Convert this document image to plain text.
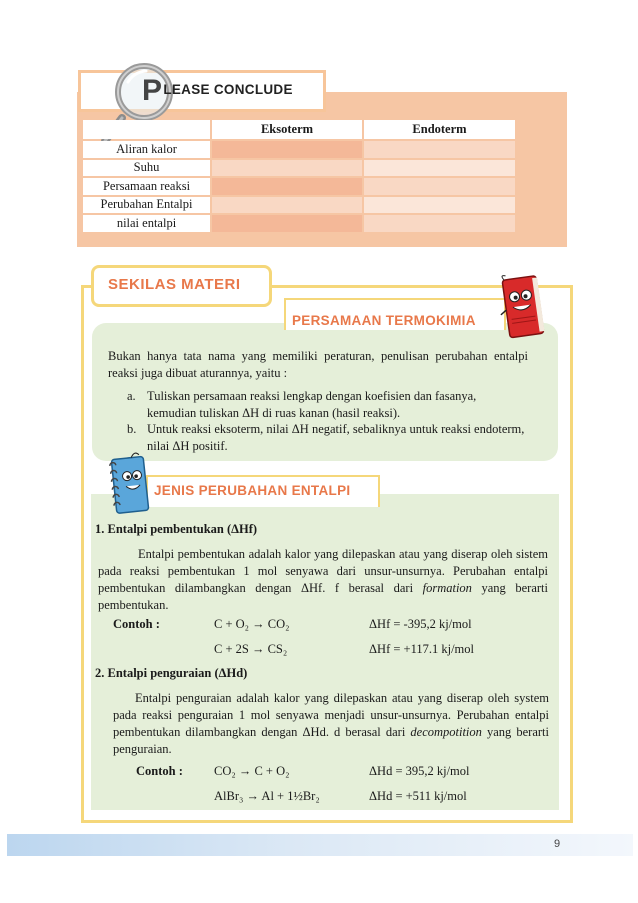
PLEASE CONCLUDE
	Eksoterm	Endoterm
Aliran kalor		
Suhu		
Persamaan reaksi		
Perubahan Entalpi		
nilai entalpi		
SEKILAS MATERI
PERSAMAAN TERMOKIMIA
Bukan hanya tata nama yang memiliki peraturan, penulisan perubahan entalpi reaksi juga dibuat aturannya, yaitu :
a. Tuliskan persamaan reaksi lengkap dengan koefisien dan fasanya, kemudian tuliskan ΔH di ruas kanan (hasil reaksi).
b. Untuk reaksi eksoterm, nilai ΔH negatif, sebaliknya untuk reaksi endoterm, nilai ΔH positif.
JENIS PERUBAHAN ENTALPI
1. Entalpi pembentukan (ΔHf)
Entalpi pembentukan adalah kalor yang dilepaskan atau yang diserap oleh sistem pada reaksi pembentukan 1 mol senyawa dari unsur-unsurnya. Perubahan entalpi pembentukan dilambangkan dengan ΔHf. f berasal dari formation yang berarti pembentukan.
Contoh :	C + O₂ → CO₂	ΔHf = -395,2 kj/mol
C + 2S → CS₂	ΔHf = +117.1 kj/mol
2. Entalpi penguraian (ΔHd)
Entalpi penguraian adalah kalor yang dilepaskan atau yang diserap oleh system pada reaksi penguraian 1 mol senyawa menjadi unsur-unsurnya. Perubahan entalpi pembentukan dilambangkan dengan ΔHd. d berasal dari decompotition yang berarti penguraian.
Contoh : CO₂ → C + O₂	ΔHd = 395,2 kj/mol
AlBr₃ → Al + 1½Br₂	ΔHd = +511 kj/mol
9
